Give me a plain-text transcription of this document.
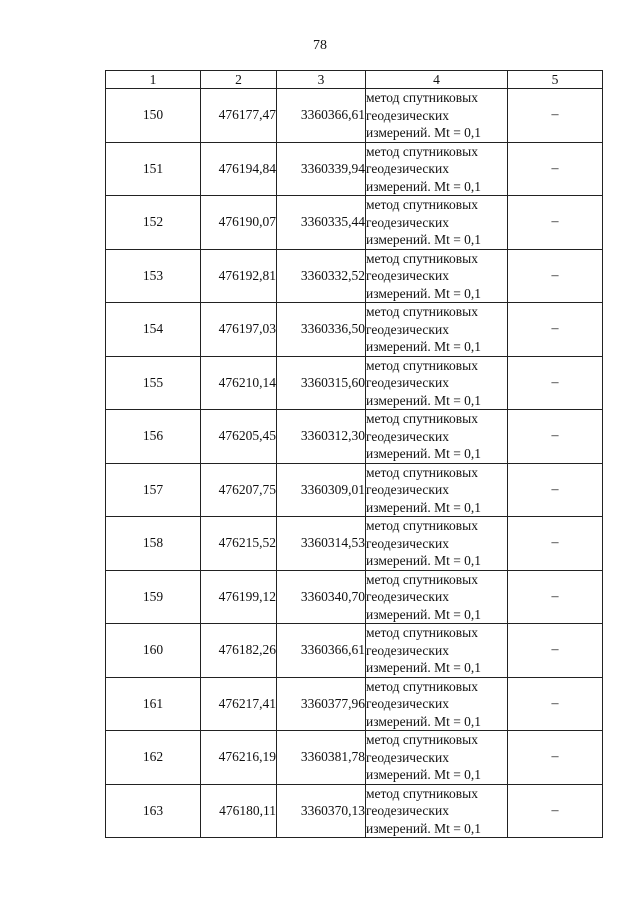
78
1	2	3	4	5
150	476177,47	3360366,61	метод спутниковых
геодезических
измерений. Mt = 0,1	–
151	476194,84	3360339,94	метод спутниковых
геодезических
измерений. Mt = 0,1	–
152	476190,07	3360335,44	метод спутниковых
геодезических
измерений. Mt = 0,1	–
153	476192,81	3360332,52	метод спутниковых
геодезических
измерений. Mt = 0,1	–
154	476197,03	3360336,50	метод спутниковых
геодезических
измерений. Mt = 0,1	–
155	476210,14	3360315,60	метод спутниковых
геодезических
измерений. Mt = 0,1	–
156	476205,45	3360312,30	метод спутниковых
геодезических
измерений. Mt = 0,1	–
157	476207,75	3360309,01	метод спутниковых
геодезических
измерений. Mt = 0,1	–
158	476215,52	3360314,53	метод спутниковых
геодезических
измерений. Mt = 0,1	–
159	476199,12	3360340,70	метод спутниковых
геодезических
измерений. Mt = 0,1	–
160	476182,26	3360366,61	метод спутниковых
геодезических
измерений. Mt = 0,1	–
161	476217,41	3360377,96	метод спутниковых
геодезических
измерений. Mt = 0,1	–
162	476216,19	3360381,78	метод спутниковых
геодезических
измерений. Mt = 0,1	–
163	476180,11	3360370,13	метод спутниковых
геодезических
измерений. Mt = 0,1	–
